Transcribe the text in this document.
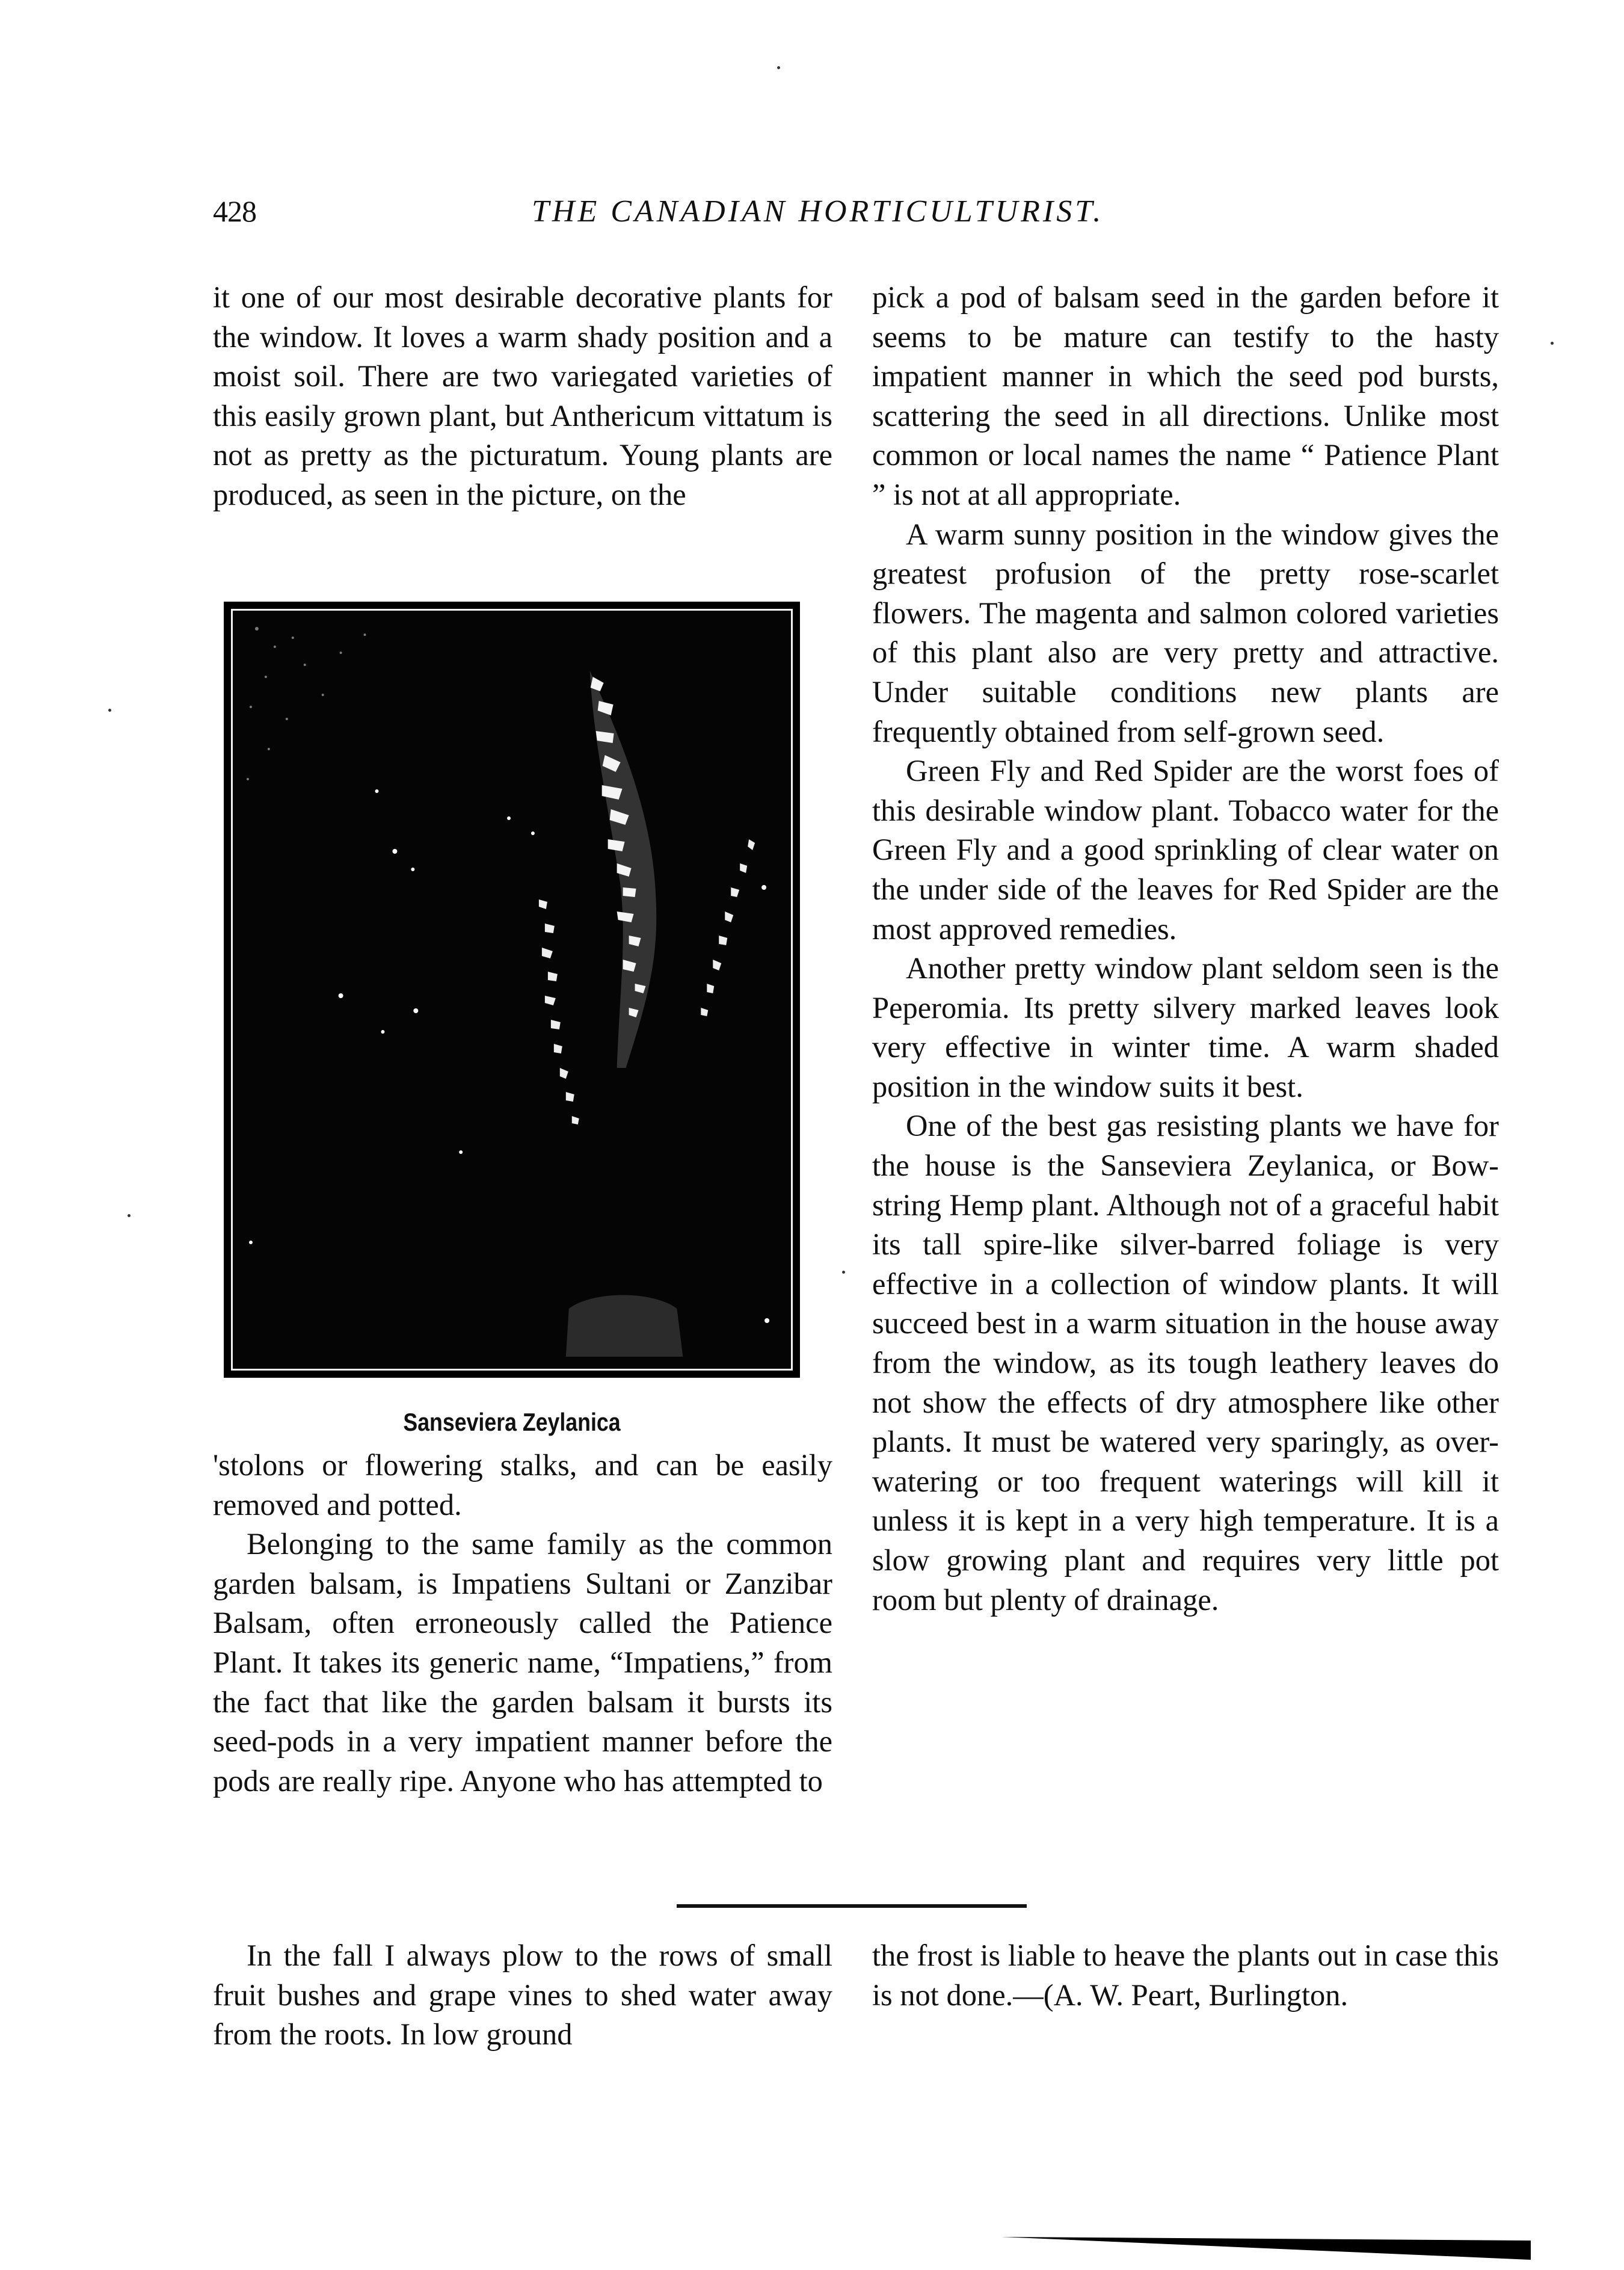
428	THE CANADIAN HORTICULTURIST.

it one of our most desirable decorative plants for the window. It loves a warm shady position and a moist soil. There are two variegated varieties of this easily grown plant, but Anthericum vittatum is not as pretty as the picturatum. Young plants are produced, as seen in the picture, on the

Sanseviera Zeylanica

'stolons or flowering stalks, and can be easily removed and potted.

Belonging to the same family as the common garden balsam, is Impatiens Sultani or Zanzibar Balsam, often erroneously called the Patience Plant. It takes its generic name, “Impatiens,” from the fact that like the garden balsam it bursts its seed-pods in a very impatient manner before the pods are really ripe. Anyone who has attempted to

pick a pod of balsam seed in the garden before it seems to be mature can testify to the hasty impatient manner in which the seed pod bursts, scattering the seed in all directions. Unlike most common or local names the name “ Patience Plant ” is not at all appropriate.

A warm sunny position in the window gives the greatest profusion of the pretty rose-scarlet flowers. The magenta and salmon colored varieties of this plant also are very pretty and attractive. Under suitable conditions new plants are frequently obtained from self-grown seed.

Green Fly and Red Spider are the worst foes of this desirable window plant. Tobacco water for the Green Fly and a good sprinkling of clear water on the under side of the leaves for Red Spider are the most approved remedies.

Another pretty window plant seldom seen is the Peperomia. Its pretty silvery marked leaves look very effective in winter time. A warm shaded position in the window suits it best.

One of the best gas resisting plants we have for the house is the Sanseviera Zeylanica, or Bow-string Hemp plant. Although not of a graceful habit its tall spire-like silver-barred foliage is very effective in a collection of window plants. It will succeed best in a warm situation in the house away from the window, as its tough leathery leaves do not show the effects of dry atmosphere like other plants. It must be watered very sparingly, as over-watering or too frequent waterings will kill it unless it is kept in a very high temperature. It is a slow growing plant and requires very little pot room but plenty of drainage.

In the fall I always plow to the rows of small fruit bushes and grape vines to shed water away from the roots. In low ground

the frost is liable to heave the plants out in case this is not done.—(A. W. Peart, Burlington.
